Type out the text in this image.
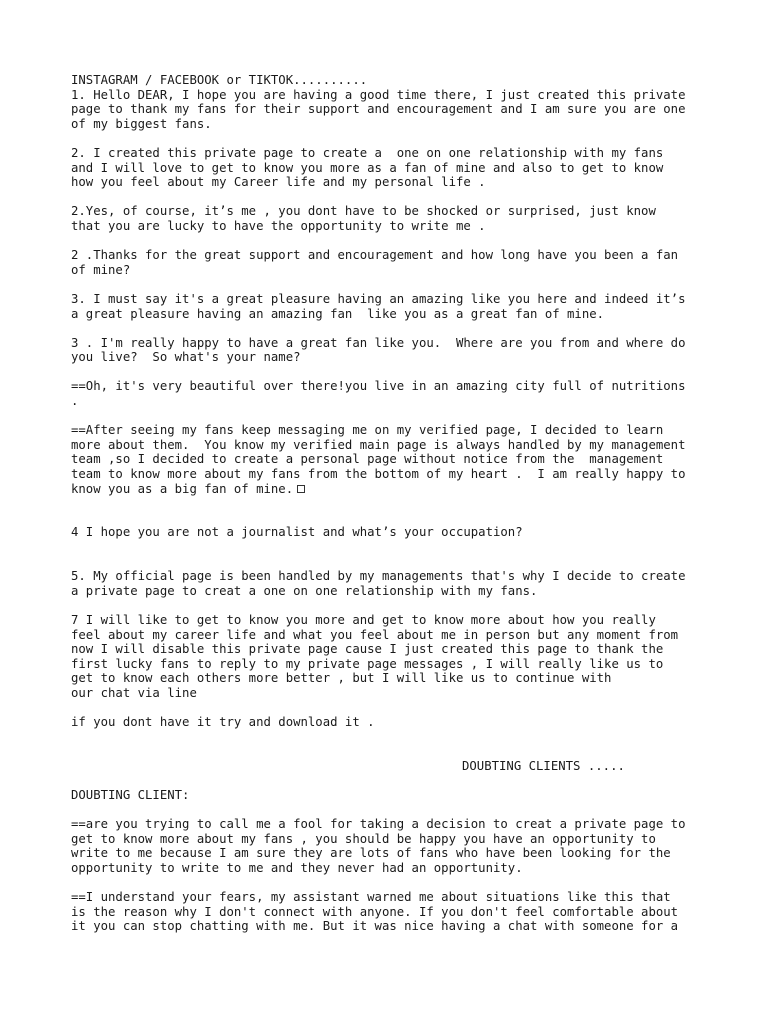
INSTAGRAM / FACEBOOK or TIKTOK..........
1. Hello DEAR, I hope you are having a good time there, I just created this private
page to thank my fans for their support and encouragement and I am sure you are one
of my biggest fans.
2. I created this private page to create a  one on one relationship with my fans
and I will love to get to know you more as a fan of mine and also to get to know
how you feel about my Career life and my personal life .
2.Yes, of course, it’s me , you dont have to be shocked or surprised, just know
that you are lucky to have the opportunity to write me .
2 .Thanks for the great support and encouragement and how long have you been a fan
of mine?
3. I must say it's a great pleasure having an amazing like you here and indeed it’s
a great pleasure having an amazing fan  like you as a great fan of mine.
3 . I'm really happy to have a great fan like you.  Where are you from and where do
you live?  So what's your name?
==Oh, it's very beautiful over there!you live in an amazing city full of nutritions
.
==After seeing my fans keep messaging me on my verified page, I decided to learn
more about them.  You know my verified main page is always handled by my management
team ,so I decided to create a personal page without notice from the  management
team to know more about my fans from the bottom of my heart .  I am really happy to
know you as a big fan of mine.
4 I hope you are not a journalist and what’s your occupation?
5. My official page is been handled by my managements that's why I decide to create
a private page to creat a one on one relationship with my fans.
7 I will like to get to know you more and get to know more about how you really
feel about my career life and what you feel about me in person but any moment from
now I will disable this private page cause I just created this page to thank the
first lucky fans to reply to my private page messages , I will really like us to
get to know each others more better , but I will like us to continue with
our chat via line
if you dont have it try and download it .
DOUBTING CLIENTS .....
DOUBTING CLIENT:
==are you trying to call me a fool for taking a decision to creat a private page to
get to know more about my fans , you should be happy you have an opportunity to
write to me because I am sure they are lots of fans who have been looking for the
opportunity to write to me and they never had an opportunity.
==I understand your fears, my assistant warned me about situations like this that
is the reason why I don't connect with anyone. If you don't feel comfortable about
it you can stop chatting with me. But it was nice having a chat with someone for a
